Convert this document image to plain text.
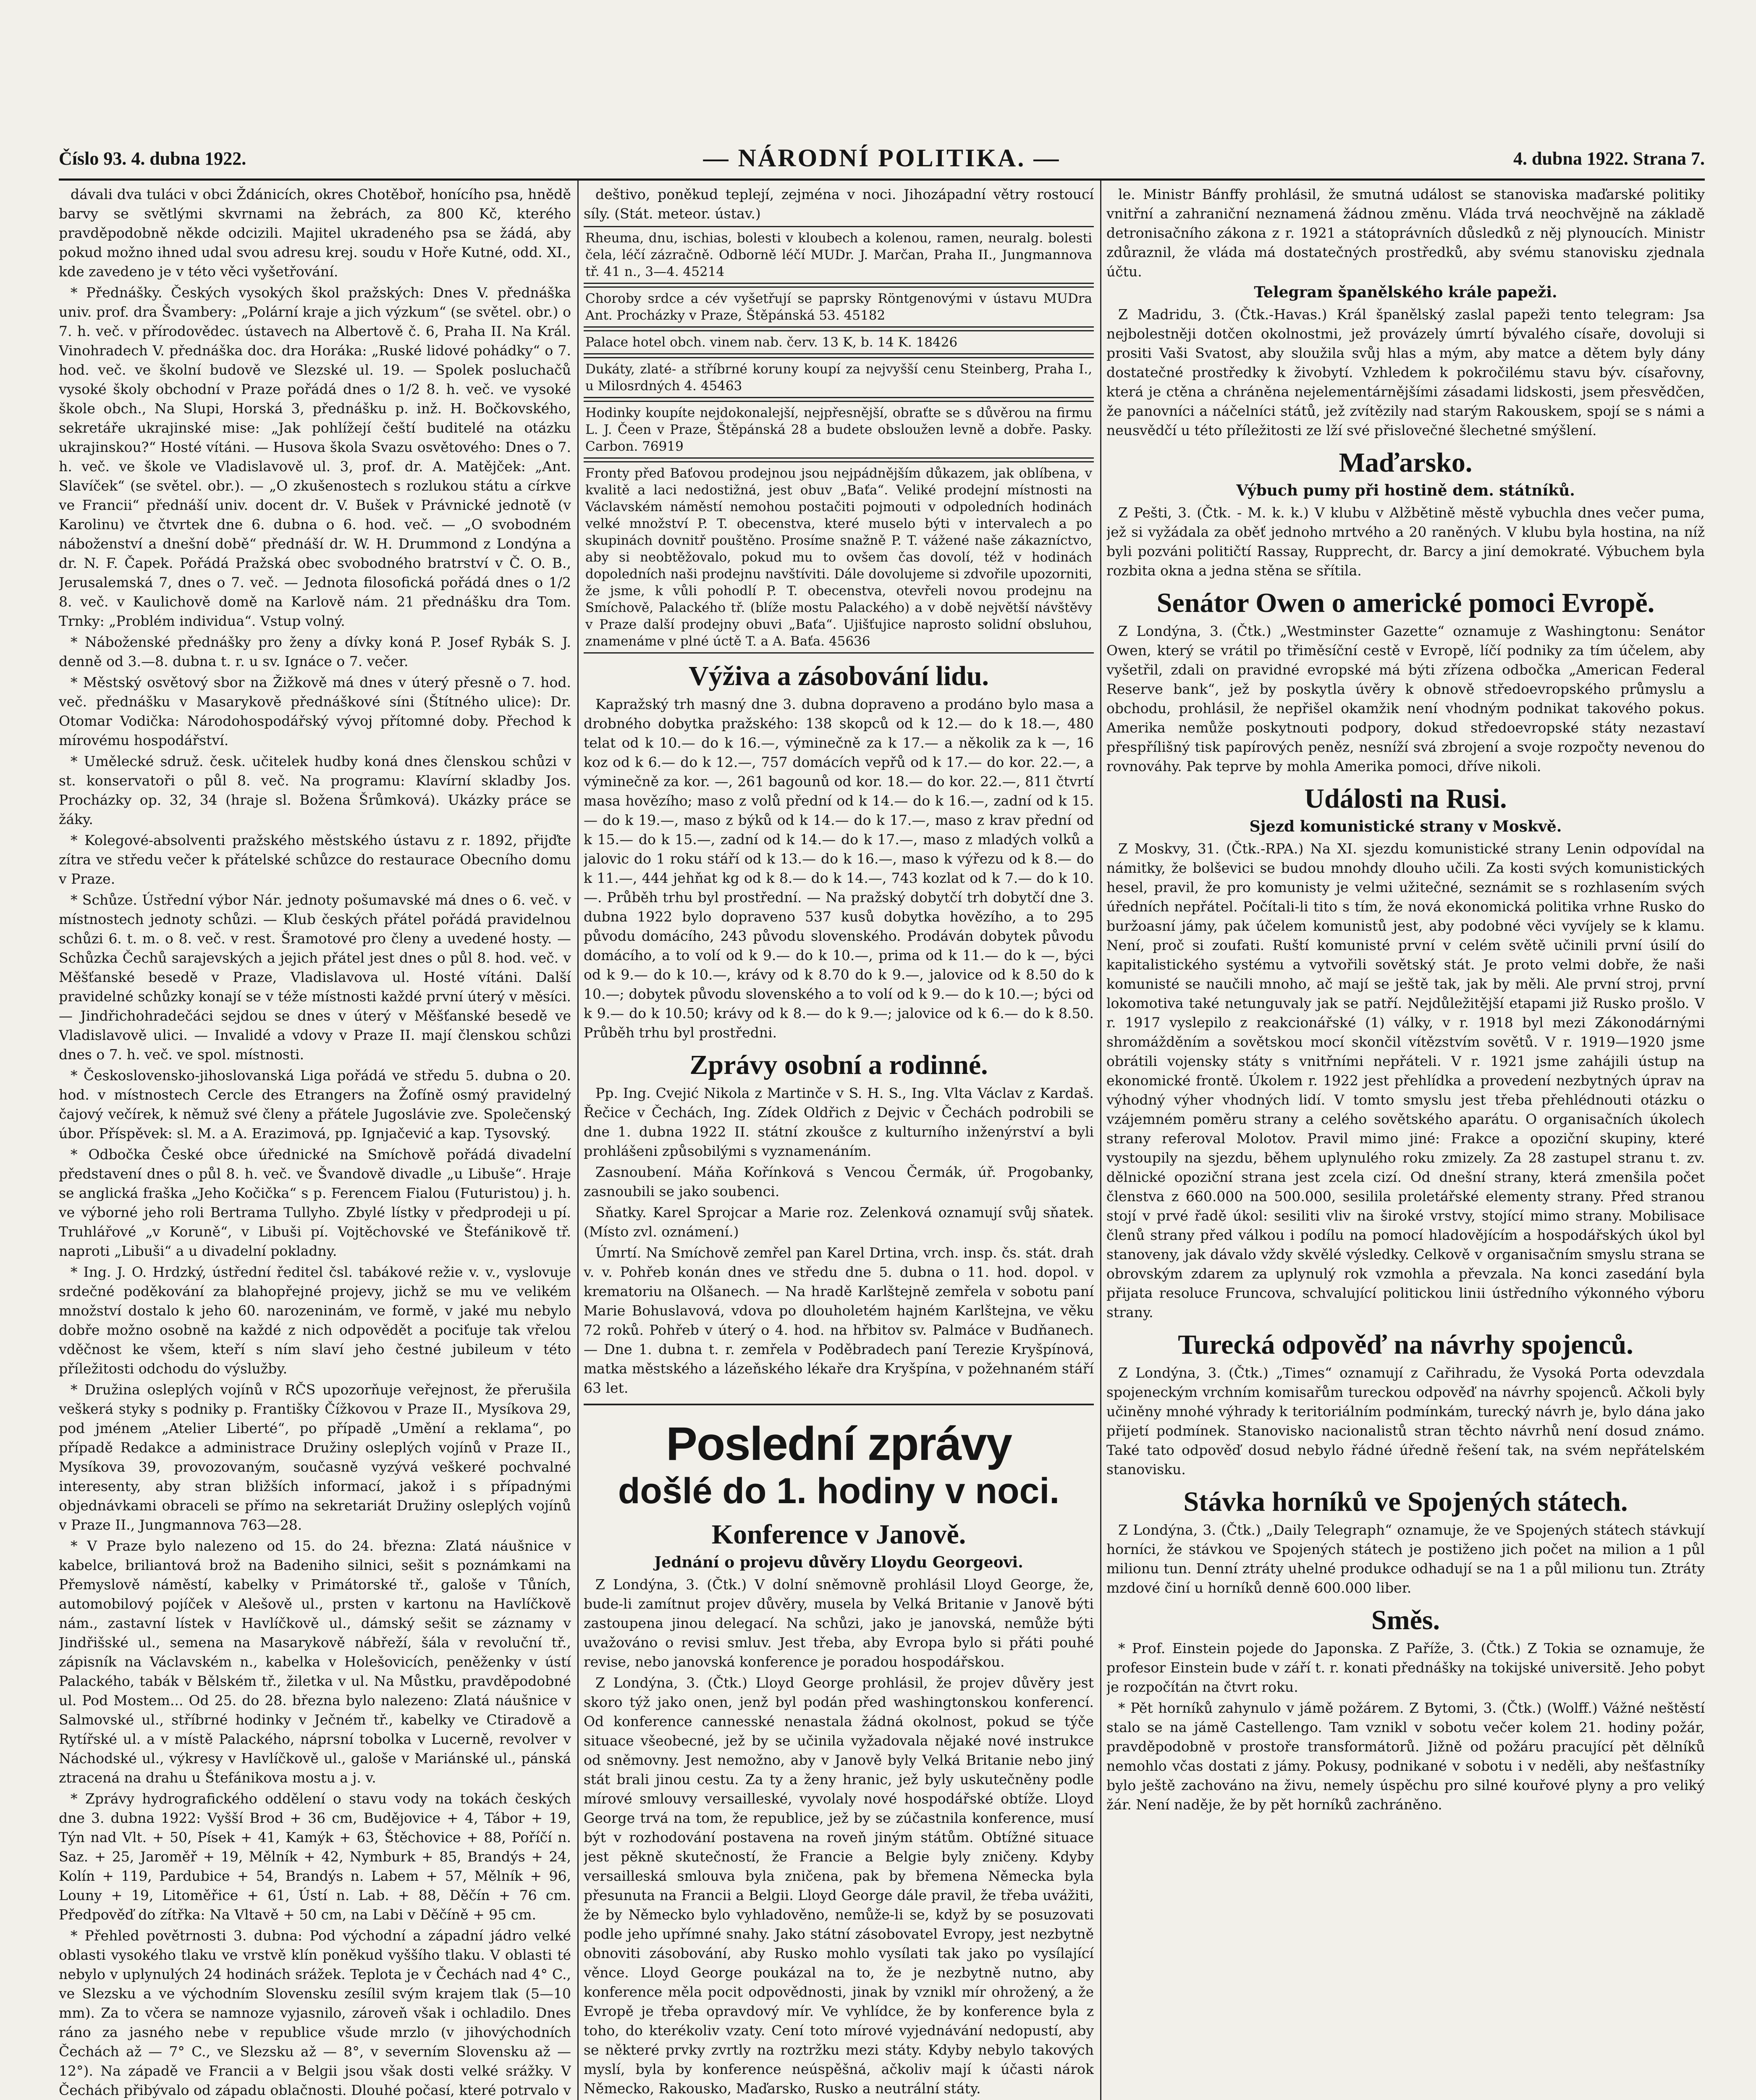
Číslo 93. 4. dubna 1922.	— NÁRODNÍ POLITIKA. —	4. dubna 1922. Strana 7.

dávali dva tuláci v obci Ždánicích, okres Chotěboř, honícího psa, hnědě barvy se světlými skvrnami na žebrách, za 800 Kč, kterého pravděpodobně někde odcizili. Majitel ukradeného psa se žádá, aby pokud možno ihned udal svou adresu krej. soudu v Hoře Kutné, odd. XI., kde zavedeno je v této věci vyšetřování.

* Přednášky. Českých vysokých škol pražských: Dnes V. přednáška univ. prof. dra Švambery: „Polární kraje a jich výzkum“ (se světel. obr.) o 7. h. več. v přírodovědec. ústavech na Albertově č. 6, Praha II. Na Král. Vinohradech V. přednáška doc. dra Horáka: „Ruské lidové pohádky“ o 7. hod. več. ve školní budově ve Slezské ul. 19. — Spolek posluchačů vysoké školy obchodní v Praze pořádá dnes o 1/2 8. h. več. ve vysoké škole obch., Na Slupi, Horská 3, přednášku p. inž. H. Bočkovského, sekretáře ukrajinské mise: „Jak pohlížejí čeští buditelé na otázku ukrajinskou?“ Hosté vítáni. — Husova škola Svazu osvětového: Dnes o 7. h. več. ve škole ve Vladislavově ul. 3, prof. dr. A. Matějček: „Ant. Slavíček“ (se světel. obr.). — „O zkušenostech s rozlukou státu a církve ve Francii“ přednáší univ. docent dr. V. Bušek v Právnické jednotě (v Karolinu) ve čtvrtek dne 6. dubna o 6. hod. več. — „O svobodném náboženství a dnešní době“ přednáší dr. W. H. Drummond z Londýna a dr. N. F. Čapek. Pořádá Pražská obec svobodného bratrství v Č. O. B., Jerusalemská 7, dnes o 7. več. — Jednota filosofická pořádá dnes o 1/2 8. več. v Kaulichově domě na Karlově nám. 21 přednášku dra Tom. Trnky: „Problém individua“. Vstup volný.

* Náboženské přednášky pro ženy a dívky koná P. Josef Rybák S. J. denně od 3.—8. dubna t. r. u sv. Ignáce o 7. večer.

* Městský osvětový sbor na Žižkově má dnes v úterý přesně o 7. hod. več. přednášku v Masarykově přednáškové síni (Štítného ulice): Dr. Otomar Vodička: Národohospodářský vývoj přítomné doby. Přechod k mírovému hospodářství.

* Umělecké sdruž. česk. učitelek hudby koná dnes členskou schůzi v st. konservatoři o půl 8. več. Na programu: Klavírní skladby Jos. Procházky op. 32, 34 (hraje sl. Božena Šrůmková). Ukázky práce se žáky.

* Kolegové-absolventi pražského městského ústavu z r. 1892, přijďte zítra ve středu večer k přátelské schůzce do restaurace Obecního domu v Praze.

* Schůze. Ústřední výbor Nár. jednoty pošumavské má dnes o 6. več. v místnostech jednoty schůzi. — Klub českých přátel pořádá pravidelnou schůzi 6. t. m. o 8. več. v rest. Šramotové pro členy a uvedené hosty. — Schůzka Čechů sarajevských a jejich přátel jest dnes o půl 8. hod. več. v Měšťanské besedě v Praze, Vladislavova ul. Hosté vítáni. Další pravidelné schůzky konají se v téže místnosti každé první úterý v měsíci. — Jindřichohradečáci sejdou se dnes v úterý v Měšťanské besedě ve Vladislavově ulici. — Invalidé a vdovy v Praze II. mají členskou schůzi dnes o 7. h. več. ve spol. místnosti.

* Československo-jihoslovanská Liga pořádá ve středu 5. dubna o 20. hod. v místnostech Cercle des Etrangers na Žofíně osmý pravidelný čajový večírek, k němuž své členy a přátele Jugoslávie zve. Společenský úbor. Příspěvek: sl. M. a A. Erazimová, pp. Ignjačević a kap. Tysovský.

* Odbočka České obce úřednické na Smíchově pořádá divadelní představení dnes o půl 8. h. več. ve Švandově divadle „u Libuše“. Hraje se anglická fraška „Jeho Kočička“ s p. Ferencem Fialou (Futuristou) j. h. ve výborné jeho roli Bertrama Tullyho. Zbylé lístky v předprodeji u pí. Truhlářové „v Koruně“, v Libuši pí. Vojtěchovské ve Štefánikově tř. naproti „Libuši“ a u divadelní pokladny.

* Ing. J. O. Hrdzký, ústřední ředitel čsl. tabákové režie v. v., vyslovuje srdečné poděkování za blahopřejné projevy, jichž se mu ve velikém množství dostalo k jeho 60. narozeninám, ve formě, v jaké mu nebylo dobře možno osobně na každé z nich odpovědět a pociťuje tak vřelou vděčnost ke všem, kteří s ním slaví jeho čestné jubileum v této příležitosti odchodu do výslužby.

* Družina osleplých vojínů v RČS upozorňuje veřejnost, že přerušila veškerá styky s podniky p. Františky Čížkovou v Praze II., Mysíkova 29, pod jménem „Atelier Liberté“, po případě „Umění a reklama“, po případě Redakce a administrace Družiny osleplých vojínů v Praze II., Mysíkova 39, provozovaným, současně vyzývá veškeré pochvalné interesenty, aby stran bližších informací, jakož i s případnými objednávkami obraceli se přímo na sekretariát Družiny osleplých vojínů v Praze II., Jungmannova 763—28.

* V Praze bylo nalezeno od 15. do 24. března: Zlatá náušnice v kabelce, briliantová brož na Badeniho silnici, sešit s poznámkami na Přemyslově náměstí, kabelky v Primátorské tř., galoše v Tůních, automobilový pojíček v Alešově ul., prsten v kartonu na Havlíčkově nám., zastavní lístek v Havlíčkově ul., dámský sešit se záznamy v Jindřišské ul., semena na Masarykově nábřeží, šála v revoluční tř., zápisník na Václavském n., kabelka v Holešovicích, peněženky v ústí Palackého, tabák v Bělském tř., žiletka v ul. Na Můstku, pravděpodobné ul. Pod Mostem... Od 25. do 28. března bylo nalezeno: Zlatá náušnice v Salmovské ul., stříbrné hodinky v Ječném tř., kabelky ve Ctiradově a Rytířské ul. a v místě Palackého, náprsní tobolka v Lucerně, revolver v Náchodské ul., výkresy v Havlíčkově ul., galoše v Mariánské ul., pánská ztracená na drahu u Štefánikova mostu a j. v.

* Zprávy hydrografického oddělení o stavu vody na tokách českých dne 3. dubna 1922: Vyšší Brod + 36 cm, Budějovice + 4, Tábor + 19, Týn nad Vlt. + 50, Písek + 41, Kamýk + 63, Štěchovice + 88, Poříčí n. Saz. + 25, Jaroměř + 19, Mělník + 42, Nymburk + 85, Brandýs + 24, Kolín + 119, Pardubice + 54, Brandýs n. Labem + 57, Mělník + 96, Louny + 19, Litoměřice + 61, Ústí n. Lab. + 88, Děčín + 76 cm. Předpověď do zítřka: Na Vltavě + 50 cm, na Labi v Děčíně + 95 cm.

* Přehled povětrnosti 3. dubna: Pod východní a západní jádro velké oblasti vysokého tlaku ve vrstvě klín poněkud vyššího tlaku. V oblasti té nebylo v uplynulých 24 hodinách srážek. Teplota je v Čechách nad 4° C., ve Slezsku a ve východním Slovensku zesílil svým krajem tlak (5—10 mm). Za to včera se namnoze vyjasnilo, zároveň však i ochladilo. Dnes ráno za jasného nebe v republice všude mrzlo (v jihovýchodních Čechách až — 7° C., ve Slezsku až — 8°, v severním Slovensku až — 12°). Na západě ve Francii a v Belgii jsou však dosti velké srážky. V Čechách přibývalo od západu oblačnosti. Dlouhé počasí, které potrvalo v

deštivo, poněkud teplejí, zejména v noci. Jihozápadní větry rostoucí síly. (Stát. meteor. ústav.)

Rheuma, dnu, ischias, bolesti v kloubech a kolenou, ramen, neuralg. bolesti čela, léčí zázračně. Odborně léčí MUDr. J. Marčan, Praha II., Jungmannova tř. 41 n., 3—4. 45214
Choroby srdce a cév vyšetřují se paprsky Röntgenovými v ústavu MUDra Ant. Procházky v Praze, Štěpánská 53. 45182
Palace hotel obch. vinem nab. červ. 13 K, b. 14 K. 18426
Dukáty, zlaté- a stříbrné koruny koupí za nejvyšší cenu Steinberg, Praha I., u Milosrdných 4. 45463
Hodinky koupíte nejdokonalejší, nejpřesnější, obraťte se s důvěrou na firmu L. J. Čeen v Praze, Štěpánská 28 a budete obsloužen levně a dobře. Pasky. Carbon. 76919
Fronty před Baťovou prodejnou jsou nejpádnějším důkazem, jak oblíbena, v kvalitě a laci nedostižná, jest obuv „Baťa“. Veliké prodejní místnosti na Václavském náměstí nemohou postačiti pojmouti v odpoledních hodinách velké množství P. T. obecenstva, které muselo býti v intervalech a po skupinách dovnitř pouštěno. Prosíme snažně P. T. vážené naše zákazníctvo, aby si neobtěžovalo, pokud mu to ovšem čas dovolí, též v hodinách dopoledních naši prodejnu navštíviti. Dále dovolujeme si zdvořile upozorniti, že jsme, k vůli pohodlí P. T. obecenstva, otevřeli novou prodejnu na Smíchově, Palackého tř. (blíže mostu Palackého) a v době největší návštěvy v Praze další prodejny obuvi „Baťa“. Ujišťujice naprosto solidní obsluhou, znamenáme v plné úctě T. a A. Baťa. 45636
Výživa a zásobování lidu.

Kapražský trh masný dne 3. dubna dopraveno a prodáno bylo masa a drobného dobytka pražského: 138 skopců od k 12.— do k 18.—, 480 telat od k 10.— do k 16.—, výminečně za k 17.— a několik za k —, 16 koz od k 6.— do k 12.—, 757 domácích vepřů od k 17.— do kor. 22.—, a výminečně za kor. —, 261 bagounů od kor. 18.— do kor. 22.—, 811 čtvrtí masa hovězího; maso z volů přední od k 14.— do k 16.—, zadní od k 15.— do k 19.—, maso z býků od k 14.— do k 17.—, maso z krav přední od k 15.— do k 15.—, zadní od k 14.— do k 17.—, maso z mladých volků a jalovic do 1 roku stáří od k 13.— do k 16.—, maso k výřezu od k 8.— do k 11.—, 444 jehňat kg od k 8.— do k 14.—, 743 kozlat od k 7.— do k 10.—. Průběh trhu byl prostřední. — Na pražský dobytčí trh dobytčí dne 3. dubna 1922 bylo dopraveno 537 kusů dobytka hovězího, a to 295 původu domácího, 243 původu slovenského. Prodáván dobytek původu domácího, a to volí od k 9.— do k 10.—, prima od k 11.— do k —, býci od k 9.— do k 10.—, krávy od k 8.70 do k 9.—, jalovice od k 8.50 do k 10.—; dobytek původu slovenského a to volí od k 9.— do k 10.—; býci od k 9.— do k 10.50; krávy od k 8.— do k 9.—; jalovice od k 6.— do k 8.50. Průběh trhu byl prostředni.

Zprávy osobní a rodinné.

Pp. Ing. Cvejić Nikola z Martinče v S. H. S., Ing. Vlta Václav z Kardaš. Řečice v Čechách, Ing. Zídek Oldřich z Dejvic v Čechách podrobili se dne 1. dubna 1922 II. státní zkoušce z kulturního inženýrství a byli prohlášeni způsobilými s vyznamenáním.

Zasnoubení. Máňa Kořínková s Vencou Čermák, úř. Progobanky, zasnoubili se jako soubenci.

Sňatky. Karel Sprojcar a Marie roz. Zelenková oznamují svůj sňatek. (Místo zvl. oznámení.)

Úmrtí. Na Smíchově zemřel pan Karel Drtina, vrch. insp. čs. stát. drah v. v. Pohřeb konán dnes ve středu dne 5. dubna o 11. hod. dopol. v krematoriu na Olšanech. — Na hradě Karlštejně zemřela v sobotu paní Marie Bohuslavová, vdova po dlouholetém hajném Karlštejna, ve věku 72 roků. Pohřeb v úterý o 4. hod. na hřbitov sv. Palmáce v Budňanech. — Dne 1. dubna t. r. zemřela v Poděbradech paní Terezie Kryšpínová, matka městského a lázeňského lékaře dra Kryšpína, v požehnaném stáří 63 let.

Poslední zprávy
došlé do 1. hodiny v noci.
Konference v Janově.
Jednání o projevu důvěry Lloydu Georgeovi.

Z Londýna, 3. (Čtk.) V dolní sněmovně prohlásil Lloyd George, že, bude-li zamítnut projev důvěry, musela by Velká Britanie v Janově býti zastoupena jinou delegací. Na schůzi, jako je janovská, nemůže býti uvažováno o revisi smluv. Jest třeba, aby Evropa bylo si přáti pouhé revise, nebo janovská konference je poradou hospodářskou.

Z Londýna, 3. (Čtk.) Lloyd George prohlásil, že projev důvěry jest skoro týž jako onen, jenž byl podán před washingtonskou konferencí. Od konference cannesské nenastala žádná okolnost, pokud se týče situace všeobecné, jež by se učinila vyžadovala nějaké nové instrukce od sněmovny. Jest nemožno, aby v Janově byly Velká Britanie nebo jiný stát brali jinou cestu. Za ty a ženy hranic, jež byly uskutečněny podle mírové smlouvy versailleské, vyvolaly nové hospodářské obtíže. Lloyd George trvá na tom, že republice, jež by se zúčastnila konference, musí být v rozhodování postavena na roveň jiným státům. Obtížné situace jest pěkně skutečností, že Francie a Belgie byly zničeny. Kdyby versailleská smlouva byla zničena, pak by břemena Německa byla přesunuta na Francii a Belgii. Lloyd George dále pravil, že třeba uvážiti, že by Německo bylo vyhladověno, nemůže-li se, když by se posuzovati podle jeho upřímné snahy. Jako státní zásobovatel Evropy, jest nezbytně obnoviti zásobování, aby Rusko mohlo vysílati tak jako po vysílající věnce. Lloyd George poukázal na to, že je nezbytně nutno, aby konference měla pocit odpovědnosti, jinak by vznikl mír ohrožený, a že Evropě je třeba opravdový mír. Ve vyhlídce, že by konference byla z toho, do kterékoliv vzaty. Cení toto mírové vyjednávání nedopustí, aby se některé prvky zvrtly na roztržku mezi státy. Kdyby nebylo takových myslí, byla by konference neúspěšná, ačkoliv mají k účasti nárok Německo, Rakousko, Maďarsko, Rusko a neutrální státy.

le. Ministr Bánffy prohlásil, že smutná událost se stanoviska maďarské politiky vnitřní a zahraniční neznamená žádnou změnu. Vláda trvá neochvějně na základě detronisačního zákona z r. 1921 a státoprávních důsledků z něj plynoucích. Ministr zdůraznil, že vláda má dostatečných prostředků, aby svému stanovisku zjednala účtu.

Telegram španělského krále papeži.

Z Madridu, 3. (Čtk.-Havas.) Král španělský zaslal papeži tento telegram: Jsa nejbolestněji dotčen okolnostmi, jež provázely úmrtí bývalého císaře, dovoluji si prositi Vaši Svatost, aby sloužila svůj hlas a mým, aby matce a dětem byly dány dostatečné prostředky k živobytí. Vzhledem k pokročilému stavu býv. císařovny, která je ctěna a chráněna nejelementárnějšími zásadami lidskosti, jsem přesvědčen, že panovníci a náčelníci států, jež zvítězily nad starým Rakouskem, spojí se s námi a neusvědčí u této příležitosti ze lží své přislovečné šlechetné smýšlení.

Maďarsko.
Výbuch pumy při hostině dem. státníků.

Z Pešti, 3. (Čtk. - M. k. k.) V klubu v Alžbětině městě vybuchla dnes večer puma, jež si vyžádala za oběť jednoho mrtvého a 20 raněných. V klubu byla hostina, na níž byli pozváni političtí Rassay, Rupprecht, dr. Barcy a jiní demokraté. Výbuchem byla rozbita okna a jedna stěna se sřítila.

Senátor Owen o americké pomoci Evropě.

Z Londýna, 3. (Čtk.) „Westminster Gazette“ oznamuje z Washingtonu: Senátor Owen, který se vrátil po třiměsíční cestě v Evropě, líčí podniky za tím účelem, aby vyšetřil, zdali on pravidné evropské má býti zřízena odbočka „American Federal Reserve bank“, jež by poskytla úvěry k obnově středoevropského průmyslu a obchodu, prohlásil, že nepřišel okamžik není vhodným podnikat takového pokus. Amerika nemůže poskytnouti podpory, dokud středoevropské státy nezastaví přespřílišný tisk papírových peněz, nesníží svá zbrojení a svoje rozpočty nevenou do rovnováhy. Pak teprve by mohla Amerika pomoci, dříve nikoli.

Události na Rusi.
Sjezd komunistické strany v Moskvě.

Z Moskvy, 31. (Čtk.-RPA.) Na XI. sjezdu komunistické strany Lenin odpovídal na námitky, že bolševici se budou mnohdy dlouho učili. Za kosti svých komunistických hesel, pravil, že pro komunisty je velmi užitečné, seznámit se s rozhlasením svých úředních nepřátel. Počítali-li tito s tím, že nová ekonomická politika vrhne Rusko do buržoasní jámy, pak účelem komunistů jest, aby podobné věci vyvíjely se k klamu. Není, proč si zoufati. Ruští komunisté první v celém světě učinili první úsilí do kapitalistického systému a vytvořili sovětský stát. Je proto velmi dobře, že naši komunisté se naučili mnoho, ač mají se ještě tak, jak by měli. Ale první stroj, první lokomotiva také netunguvaly jak se patří. Nejdůležitější etapami již Rusko prošlo. V r. 1917 vyslepilo z reakcionářské (1) války, v r. 1918 byl mezi Zákonodárnými shromážděním a sovětskou mocí skončil vítězstvím sovětů. V r. 1919—1920 jsme obrátili vojensky státy s vnitřními nepřáteli. V r. 1921 jsme zahájili ústup na ekonomické frontě. Úkolem r. 1922 jest přehlídka a provedení nezbytných úprav na výhodný výher vhodných lidí. V tomto smyslu jest třeba přehlédnouti otázku o vzájemném poměru strany a celého sovětského aparátu. O organisačních úkolech strany referoval Molotov. Pravil mimo jiné: Frakce a opoziční skupiny, které vystoupily na sjezdu, během uplynulého roku zmizely. Za 28 zastupel stranu t. zv. dělnické opoziční strana jest zcela cizí. Od dnešní strany, která zmenšila počet členstva z 660.000 na 500.000, sesilila proletářské elementy strany. Před stranou stojí v prvé řadě úkol: sesiliti vliv na široké vrstvy, stojící mimo strany. Mobilisace členů strany před válkou i podílu na pomocí hladovějícím a hospodářských úkol byl stanoveny, jak dávalo vždy skvělé výsledky. Celkově v organisačním smyslu strana se obrovským zdarem za uplynulý rok vzmohla a převzala. Na konci zasedání byla přijata resoluce Fruncova, schvalující politickou linii ústředního výkonného výboru strany.

Turecká odpověď na návrhy spojenců.

Z Londýna, 3. (Čtk.) „Times“ oznamují z Cařihradu, že Vysoká Porta odevzdala spojeneckým vrchním komisařům tureckou odpověď na návrhy spojenců. Ačkoli byly učiněny mnohé výhrady k teritoriálním podmínkám, turecký návrh je, bylo dána jako přijetí podmínek. Stanovisko nacionalistů stran těchto návrhů není dosud známo. Také tato odpověď dosud nebylo řádné úředně řešení tak, na svém nepřátelském stanovisku.

Stávka horníků ve Spojených státech.

Z Londýna, 3. (Čtk.) „Daily Telegraph“ oznamuje, že ve Spojených státech stávkují horníci, že stávkou ve Spojených státech je postiženo jich počet na milion a 1 půl milionu tun. Denní ztráty uhelné produkce odhadují se na 1 a půl milionu tun. Ztráty mzdové činí u horníků denně 600.000 liber.

Směs.

* Prof. Einstein pojede do Japonska. Z Paříže, 3. (Čtk.) Z Tokia se oznamuje, že profesor Einstein bude v září t. r. konati přednášky na tokijské universitě. Jeho pobyt je rozpočítán na čtvrt roku.

* Pět horníků zahynulo v jámě požárem. Z Bytomi, 3. (Čtk.) (Wolff.) Vážné neštěstí stalo se na jámě Castellengo. Tam vznikl v sobotu večer kolem 21. hodiny požár, pravděpodobně v prostoře transformátorů. Jižně od požáru pracující pět dělníků nemohlo včas dostati z jámy. Pokusy, podnikané v sobotu i v neděli, aby nešťastníky bylo ještě zachováno na živu, nemely úspěchu pro silné kouřové plyny a pro veliký žár. Není naděje, že by pět horníků zachráněno.
